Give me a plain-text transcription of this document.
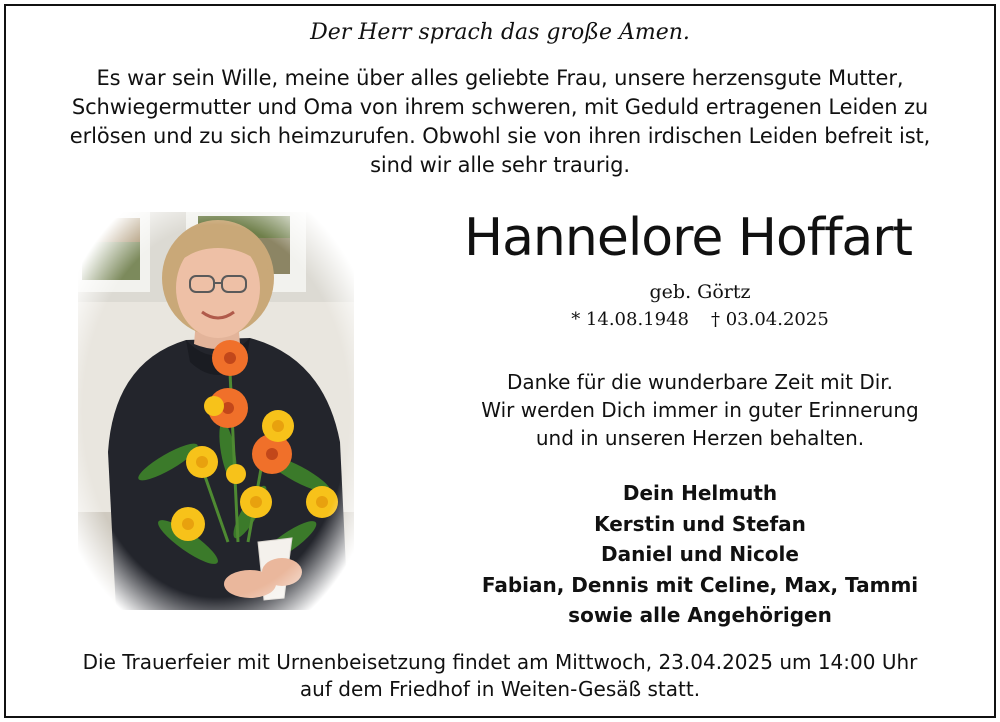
Der Herr sprach das große Amen.
Es war sein Wille, meine über alles geliebte Frau, unsere herzensgute Mutter,
Schwiegermutter und Oma von ihrem schweren, mit Geduld ertragenen Leiden zu
erlösen und zu sich heimzurufen. Obwohl sie von ihren irdischen Leiden befreit ist,
sind wir alle sehr traurig.
Hannelore Hoffart
geb. Görtz
* 14.08.1948 † 03.04.2025
Danke für die wunderbare Zeit mit Dir.
Wir werden Dich immer in guter Erinnerung
und in unseren Herzen behalten.
Dein Helmuth
Kerstin und Stefan
Daniel und Nicole
Fabian, Dennis mit Celine, Max, Tammi
sowie alle Angehörigen
Die Trauerfeier mit Urnenbeisetzung findet am Mittwoch, 23.04.2025 um 14:00 Uhr
auf dem Friedhof in Weiten-Gesäß statt.
